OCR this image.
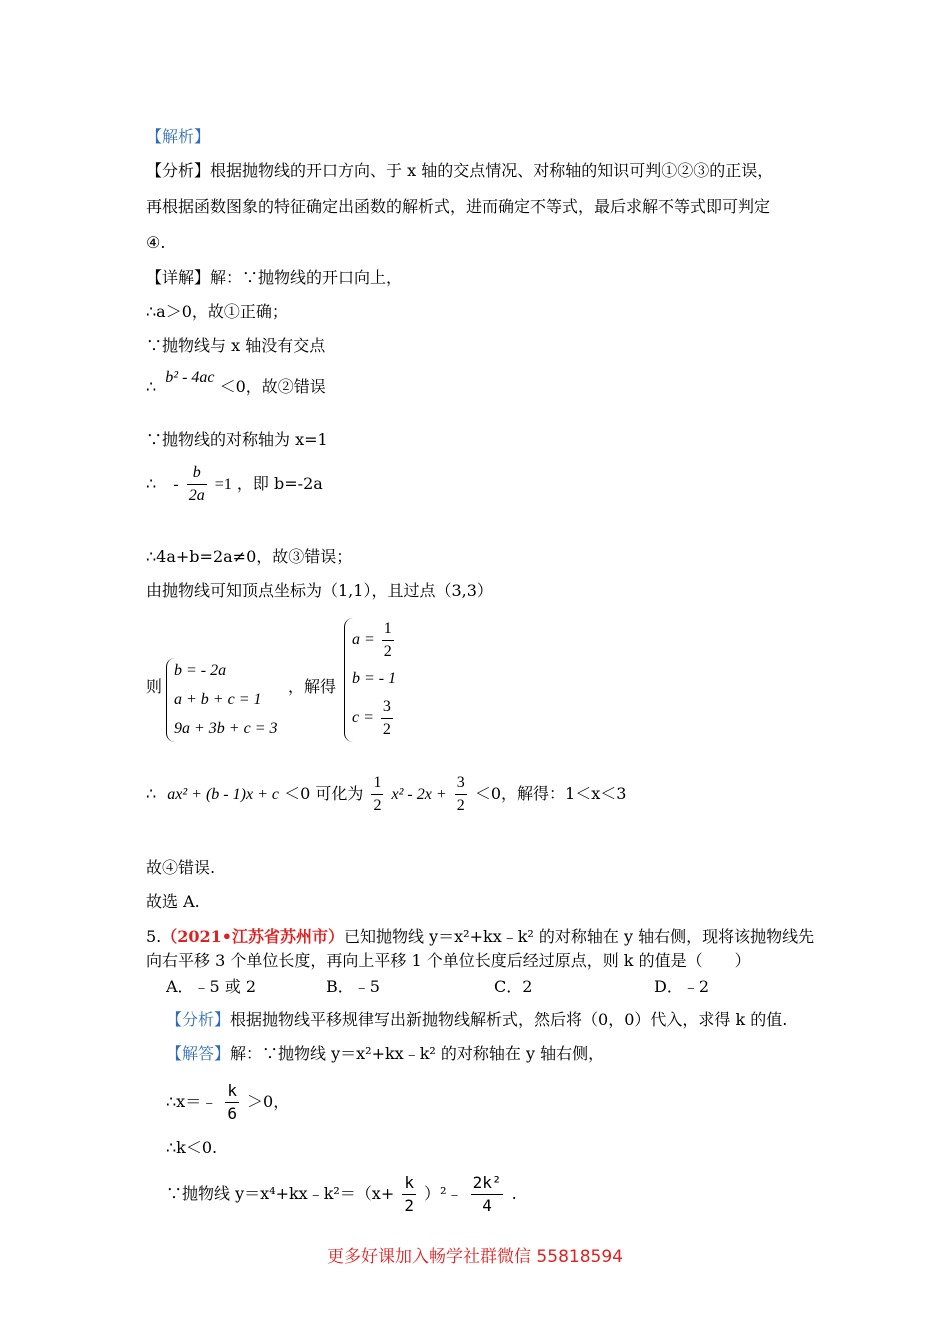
【解析】
【分析】根据抛物线的开口方向、于 x 轴的交点情况、对称轴的知识可判①②③的正误，
再根据函数图象的特征确定出函数的解析式，进而确定不等式，最后求解不等式即可判定
④.
【详解】解：∵抛物线的开口向上，
∴a＞0，故①正确；
∵抛物线与 x 轴没有交点
∴ b² - 4ac ＜0，故②错误
∵抛物线的对称轴为 x=1
∴ - $\frac{b}{2a} =1$ ，即 b=-2a
∴4a+b=2a≠0，故③错误；
由抛物线可知顶点坐标为（1,1），且过点（3,3）
则
b = - 2a
a + b + c = 1
9a + 3b + c = 3
，解得
$a = \frac{1}{2}$
b = - 1
$c = \frac{3}{2}$
∴ ax² + (b - 1)x + c ＜0 可化为 $\frac{1}{2} x^2 - 2x + \frac{3}{2} <0$，解得：1＜x＜3
故④错误.
故选 A.
5.（2021•江苏省苏州市）已知抛物线 y＝x²+kx﹣k² 的对称轴在 y 轴右侧，现将该抛物线先
向右平移 3 个单位长度，再向上平移 1 个单位长度后经过原点，则 k 的值是（　　）
A．﹣5 或 2	B．﹣5	C．2	D．﹣2
【分析】根据抛物线平移规律写出新抛物线解析式，然后将（0，0）代入，求得 k 的值.
【解答】解：∵抛物线 y＝x²+kx﹣k² 的对称轴在 y 轴右侧，
∴x＝﹣ $\frac{k}{6} >0$，
∴k＜0.
∵抛物线 y＝x⁴+kx﹣k²＝（x+ $\frac{k}{2}$ ）²﹣ $\frac{\text{2k²}}{4}$ .
更多好课加入畅学社群微信 55818594
